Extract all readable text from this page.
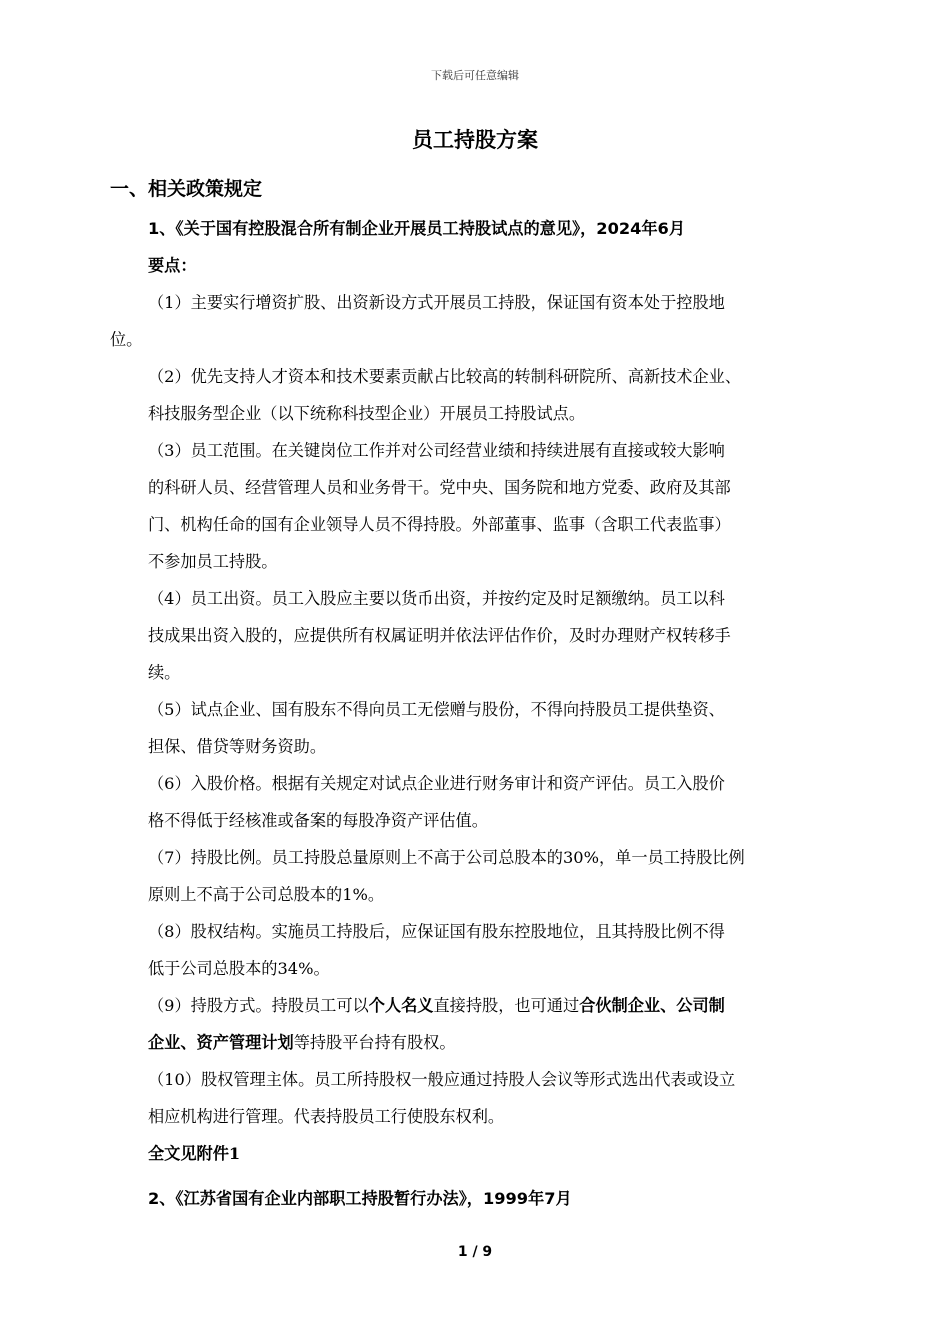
下载后可任意编辑
员工持股方案
一、相关政策规定

1、《关于国有控股混合所有制企业开展员工持股试点的意见》，2024年6月

要点：

（1）主要实行增资扩股、出资新设方式开展员工持股，保证国有资本处于控股地

位。

（2）优先支持人才资本和技术要素贡献占比较高的转制科研院所、高新技术企业、

科技服务型企业（以下统称科技型企业）开展员工持股试点。

（3）员工范围。在关键岗位工作并对公司经营业绩和持续进展有直接或较大影响

的科研人员、经营管理人员和业务骨干。党中央、国务院和地方党委、政府及其部

门、机构任命的国有企业领导人员不得持股。外部董事、监事（含职工代表监事）

不参加员工持股。

（4）员工出资。员工入股应主要以货币出资，并按约定及时足额缴纳。员工以科

技成果出资入股的，应提供所有权属证明并依法评估作价，及时办理财产权转移手

续。

（5）试点企业、国有股东不得向员工无偿赠与股份，不得向持股员工提供垫资、

担保、借贷等财务资助。

（6）入股价格。根据有关规定对试点企业进行财务审计和资产评估。员工入股价

格不得低于经核准或备案的每股净资产评估值。

（7）持股比例。员工持股总量原则上不高于公司总股本的30%，单一员工持股比例

原则上不高于公司总股本的1%。

（8）股权结构。实施员工持股后，应保证国有股东控股地位，且其持股比例不得

低于公司总股本的34%。

（9）持股方式。持股员工可以个人名义直接持股，也可通过合伙制企业、公司制

企业、资产管理计划等持股平台持有股权。

（10）股权管理主体。员工所持股权一般应通过持股人会议等形式选出代表或设立

相应机构进行管理。代表持股员工行使股东权利。

全文见附件1

2、《江苏省国有企业内部职工持股暂行办法》，1999年7月

1 / 9
